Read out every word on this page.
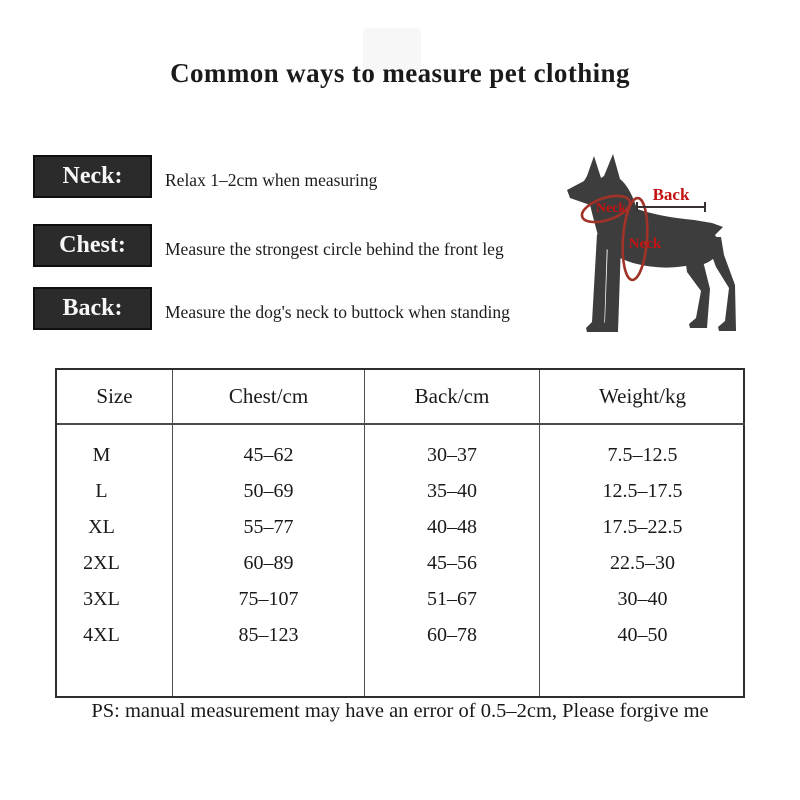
Common ways to measure pet clothing
Neck: Relax 1–2cm when measuring
Chest: Measure the strongest circle behind the front leg
Back: Measure the dog's neck to buttock when standing
Back
Neck
Neck
Size	Chest/cm	Back/cm	Weight/kg
M	45–62	30–37	7.5–12.5
L	50–69	35–40	12.5–17.5
XL	55–77	40–48	17.5–22.5
2XL	60–89	45–56	22.5–30
3XL	75–107	51–67	30–40
4XL	85–123	60–78	40–50
PS: manual measurement may have an error of 0.5–2cm, Please forgive me
